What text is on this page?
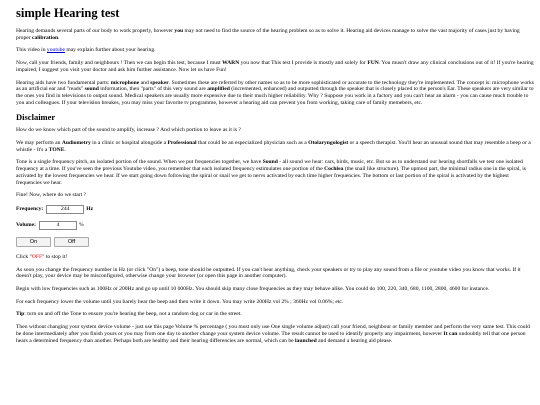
simple Hearing test

Hearing demands several parts of our body to work properly, however you may not need to find the source of the hearing problem so as to solve it. Hearing aid devices manage to solve the vast majority of cases just by having proper calibration.

This video in youtube may explain further about your hearing.

Now, call your friends, family and neighbours ! Then we can begin this test, because I must WARN you now that This test I provide is mostly and solely for FUN. You musn't draw any clinical conclusions out of it! If you're hearing impaired, I suggest you visit your doctor and ask him further assistance. Now let us have Fun!

Hearing aids have two fundamental parts: microphone and speaker. Sometimes these are referred by other names so as to be more sophisticated or accurate to the technology they're implemented. The concept is: microphone works as an artificial ear and "reads" sound information, then "parts" of this very sound are amplified (incremented, enhanced) and outputted through the speaker that is closely placed to the person's Ear. These speakers are very similar to the ones you find in televisions to output sound. Medical speakers are usually more expensive due to their much higher reliability. Why ? Suppose you work in a factory and you can't hear an alarm - you can cause much trouble to you and colleagues. If your television breakes, you may miss your favorite tv programme, however a hearing aid can prevent you from working, taking care of family memebers, etc.

Disclaimer

How do we know which part of the sound to amplify, increase ? And which portion to leave as it is ?

We may perform an Audiometry in a clinic or hospital alongside a Professional that could be an especialized physician such as a Otolaryngologist or a speech therapist. You'll hear an unusual sound that may resemble a beep or a whistle - It's a TONE.

Tone is a single frequency pitch, an isolated portion of the sound. When we put frequencies together, we have Sound - all sound we hear: cars, birds, music, etc. But so as to understand our hearing shortfalls we test one isolated frequency at a time. If you've seen the previous Youtube video, you remember that each isolated frequency estimulates one portion of the Cochlea (the snail like structure). The upmost part, the minimal radius one in the spiral, is activated by the lowest frequencies we hear. If we start going down following the spiral or snail we get to nervs activated by each time higher frequencies. The bottom or last portion of the spiral is activated by the highest frequencies we hear.

Fine! Now, where do we start ?

Frequency:	244	Hz
Volume:	4	%
On	Off

Click "OFF" to stop it!

As soon you change the frequency number in Hz (or click "On") a beep, tone should be outputted. If you can't hear anything, check your speakers or try to play any sound from a file or youtube video you know that works. If it doesn't play, your device may be misconfigured, otherwise change your browser (or open this page in another computer).

Begin with low frequencies such as 100Hz or 200Hz and go up until 10 000Hz. You should skip many close frequencies as they may behave alike. You could do 100, 220, 340, 680, 1100, 2800, 4600 for instance.

For each frequency lower the volume until you barely hear the beep and then write it down. You may write 200Hz vol 2% ; 360Hz vol 0.06%; etc.

Tip: turn on and off the Tone to ensure you're hearing the beep, not a random dog or car in the street.

Then without changing your system device volume - just use this page Volume % percentage ( you must only use One single volume adjust) call your friend, neighbour or family member and perform the very same test. This could be done intermediately after you finish yours or you may from one day to another change your system device volume. The result cannot be used to identify properly any impairment, however It can undoubtly tell that one person hears a determined frequency than another. Perhaps both are healthy and their hearing differencies are normal, which can be launched and demand a hearing aid please.
